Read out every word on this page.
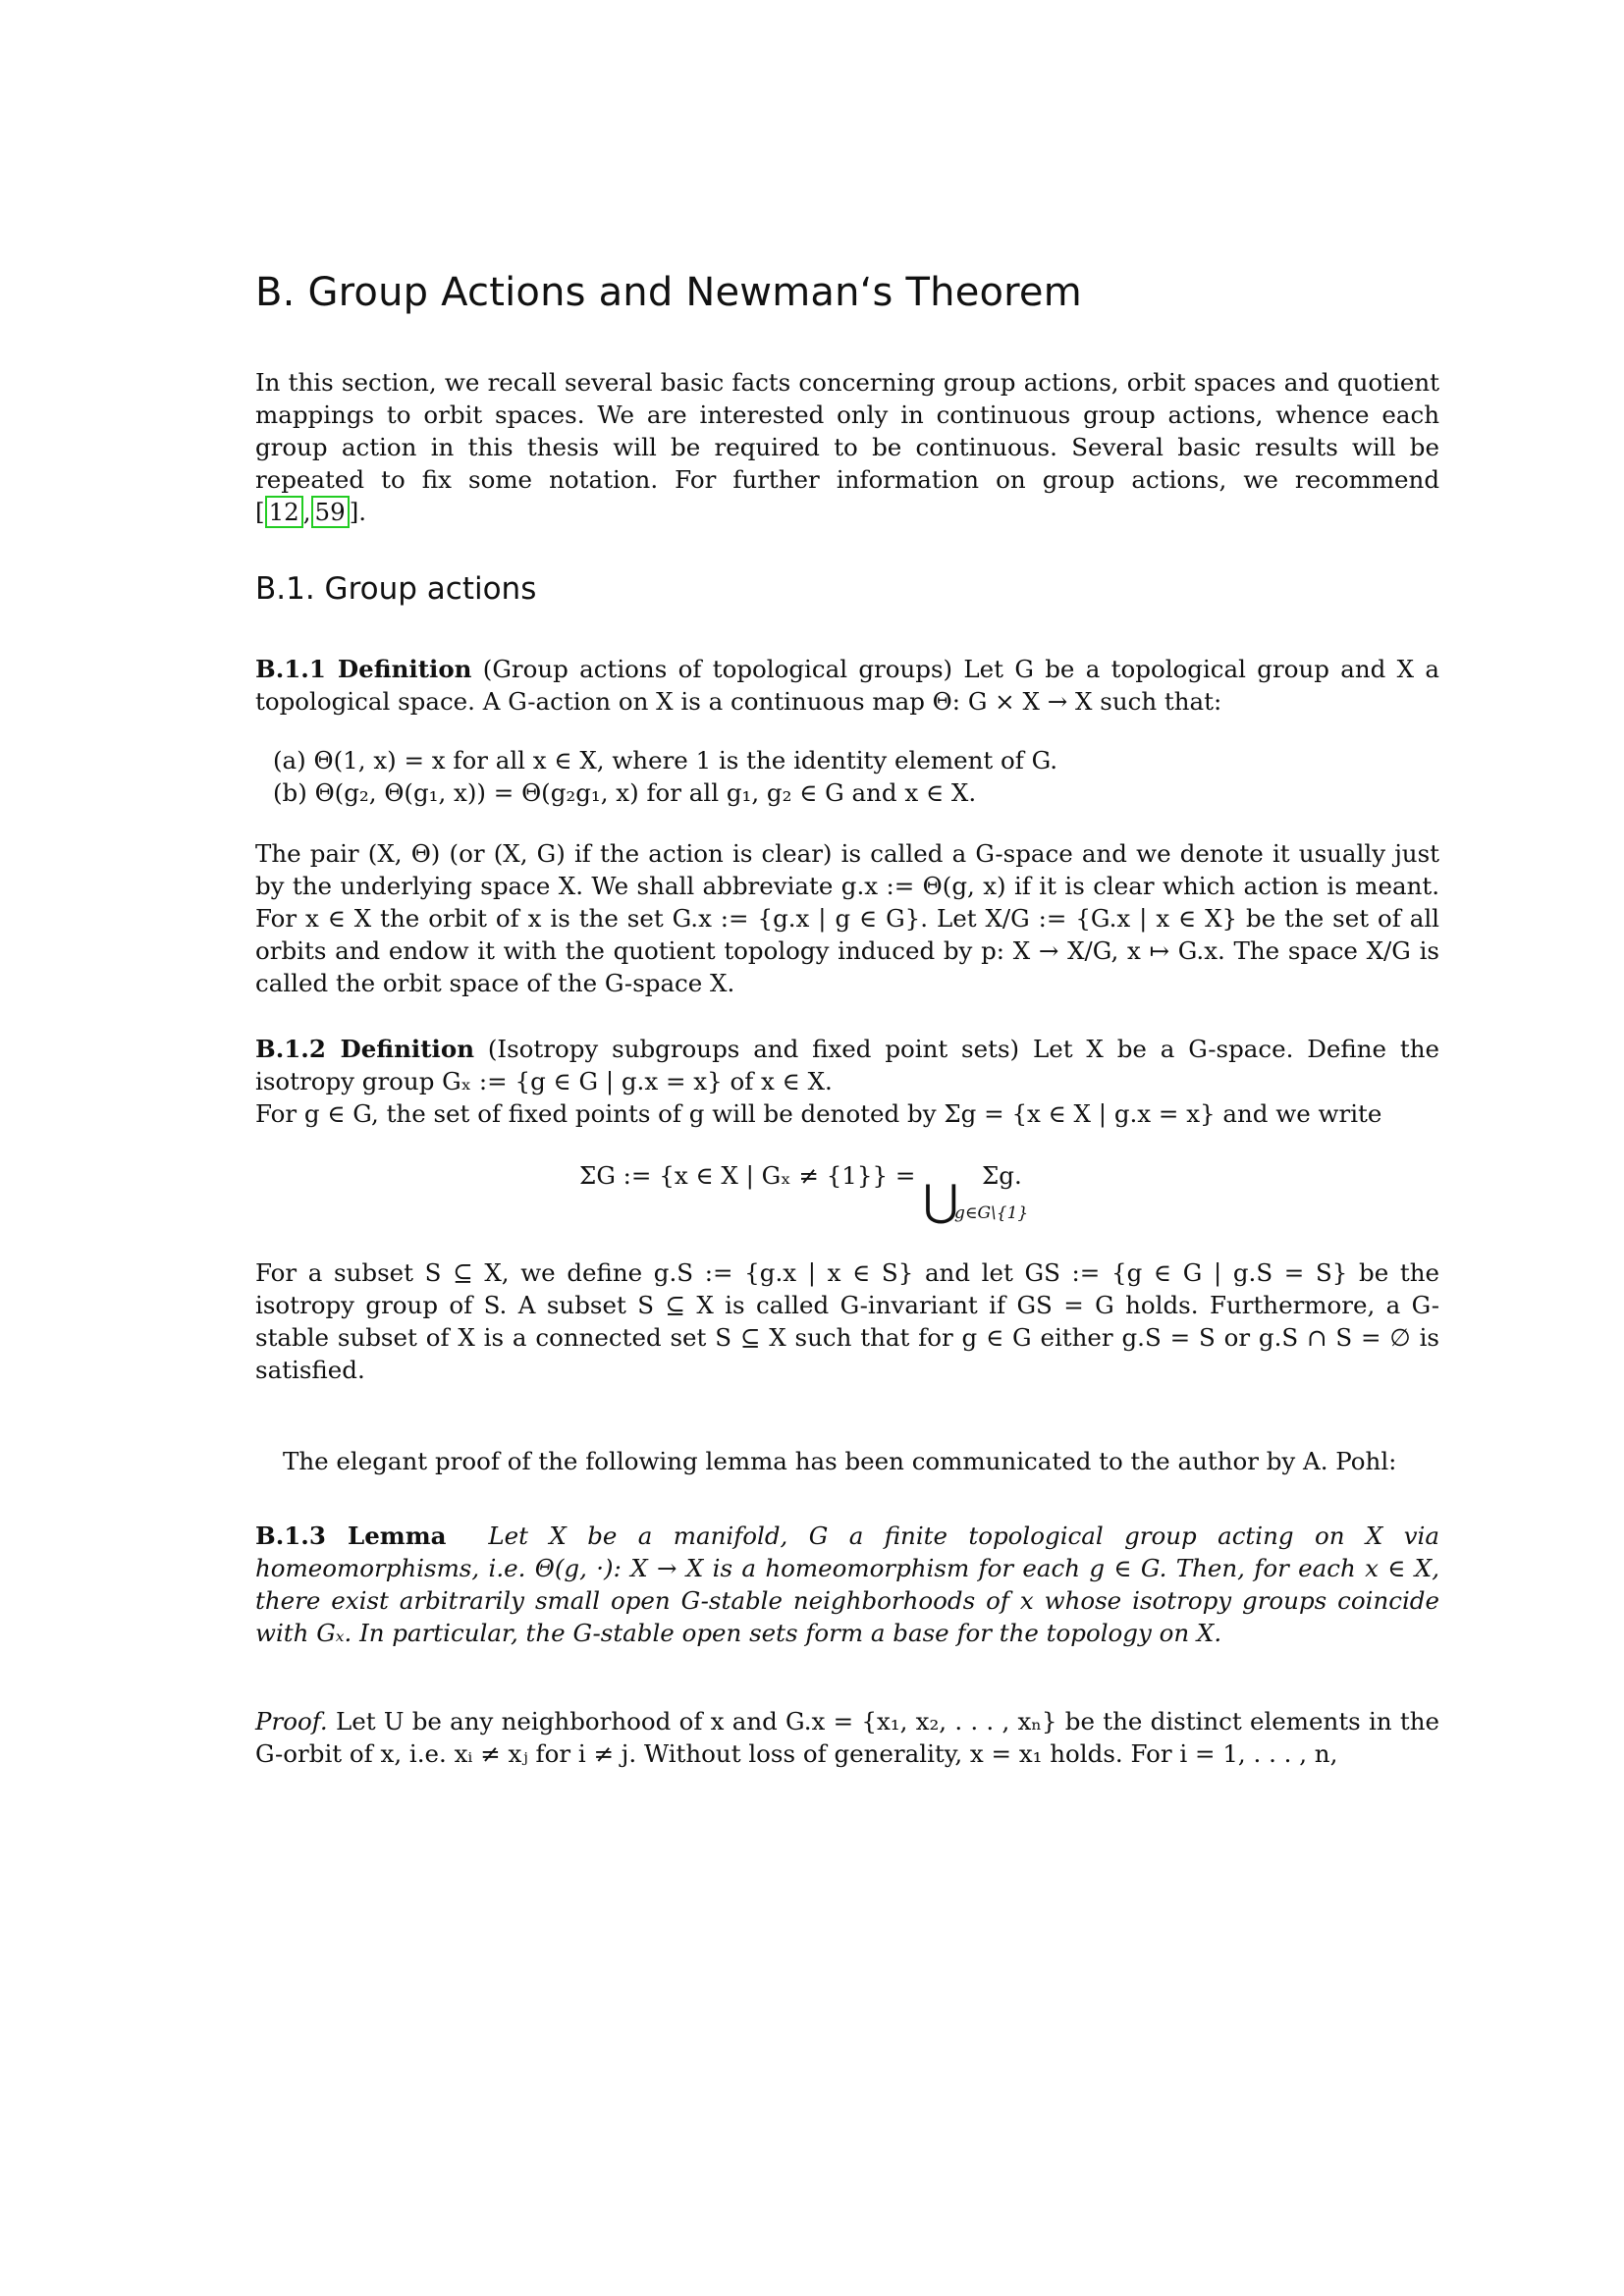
B. Group Actions and Newman‘s Theorem
In this section, we recall several basic facts concerning group actions, orbit spaces and quotient mappings to orbit spaces. We are interested only in continuous group actions, whence each group action in this thesis will be required to be continuous. Several basic results will be repeated to fix some notation. For further information on group actions, we recommend [ 12 , 59 ].
B.1. Group actions

B.1.1 Definition (Group actions of topological groups) Let G be a topological group and X a topological space. A G-action on X is a continuous map Θ: G × X → X such that:

(a) Θ(1, x) = x for all x ∈ X, where 1 is the identity element of G.

(b) Θ(g₂, Θ(g₁, x)) = Θ(g₂g₁, x) for all g₁, g₂ ∈ G and x ∈ X.

The pair (X, Θ) (or (X, G) if the action is clear) is called a G-space and we denote it usually just by the underlying space X. We shall abbreviate g.x := Θ(g, x) if it is clear which action is meant. For x ∈ X the orbit of x is the set G.x := {g.x | g ∈ G}. Let X/G := {G.x | x ∈ X} be the set of all orbits and endow it with the quotient topology induced by p: X → X/G, x ↦ G.x. The space X/G is called the orbit space of the G-space X.

B.1.2 Definition (Isotropy subgroups and fixed point sets) Let X be a G-space. Define the isotropy group Gₓ := {g ∈ G | g.x = x} of x ∈ X.

For g ∈ G, the set of fixed points of g will be denoted by Σg = {x ∈ X | g.x = x} and we write

ΣG := {x ∈ X | Gₓ ≠ {1}} =
⋃
Σg.
g∈G\{1}

For a subset S ⊆ X, we define g.S := {g.x | x ∈ S} and let GS := {g ∈ G | g.S = S} be the isotropy group of S. A subset S ⊆ X is called G-invariant if GS = G holds. Furthermore, a G-stable subset of X is a connected set S ⊆ X such that for g ∈ G either g.S = S or g.S ∩ S = ∅ is satisfied.

The elegant proof of the following lemma has been communicated to the author by A. Pohl:

B.1.3 Lemma Let X be a manifold, G a finite topological group acting on X via homeomorphisms, i.e. Θ(g, ·): X → X is a homeomorphism for each g ∈ G. Then, for each x ∈ X, there exist arbitrarily small open G-stable neighborhoods of x whose isotropy groups coincide with Gₓ. In particular, the G-stable open sets form a base for the topology on X.

Proof. Let U be any neighborhood of x and G.x = {x₁, x₂, . . . , xₙ} be the distinct elements in the G-orbit of x, i.e. xᵢ ≠ xⱼ for i ≠ j. Without loss of generality, x = x₁ holds. For i = 1, . . . , n,
